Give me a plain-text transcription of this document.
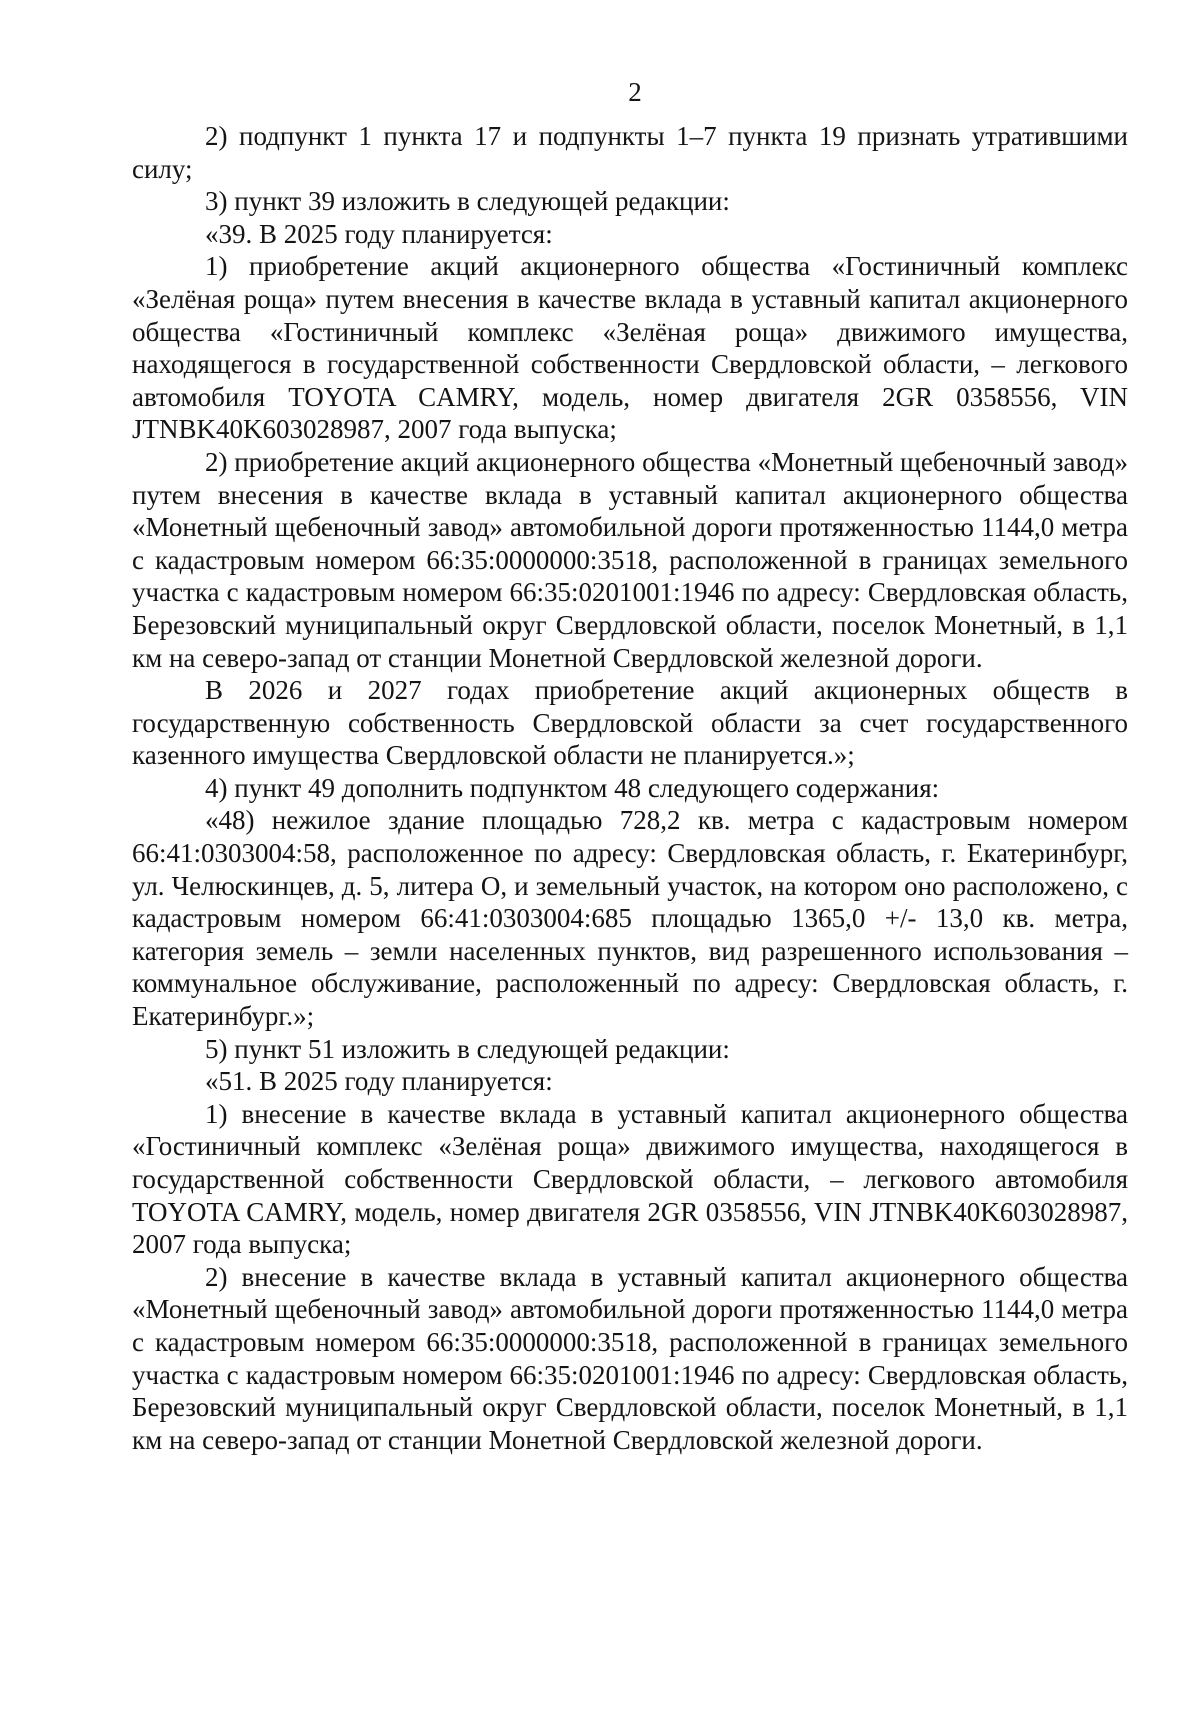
2

2) подпункт 1 пункта 17 и подпункты 1–7 пункта 19 признать утратившими силу;

3) пункт 39 изложить в следующей редакции:

«39. В 2025 году планируется:

1) приобретение акций акционерного общества «Гостиничный комплекс «Зелёная роща» путем внесения в качестве вклада в уставный капитал акционерного общества «Гостиничный комплекс «Зелёная роща» движимого имущества, находящегося в государственной собственности Свердловской области, – легкового автомобиля TOYOTA CAMRY, модель, номер двигателя 2GR 0358556, VIN JTNBK40K603028987, 2007 года выпуска;

2) приобретение акций акционерного общества «Монетный щебеночный завод» путем внесения в качестве вклада в уставный капитал акционерного общества «Монетный щебеночный завод» автомобильной дороги протяженностью 1144,0 метра с кадастровым номером 66:35:0000000:3518, расположенной в границах земельного участка с кадастровым номером 66:35:0201001:1946 по адресу: Свердловская область, Березовский муниципальный округ Свердловской области, поселок Монетный, в 1,1 км на северо-запад от станции Монетной Свердловской железной дороги.

В 2026 и 2027 годах приобретение акций акционерных обществ в государственную собственность Свердловской области за счет государственного казенного имущества Свердловской области не планируется.»;

4) пункт 49 дополнить подпунктом 48 следующего содержания:

«48) нежилое здание площадью 728,2 кв. метра с кадастровым номером 66:41:0303004:58, расположенное по адресу: Свердловская область, г. Екатеринбург, ул. Челюскинцев, д. 5, литера О, и земельный участок, на котором оно расположено, с кадастровым номером 66:41:0303004:685 площадью 1365,0 +/- 13,0 кв. метра, категория земель – земли населенных пунктов, вид разрешенного использования – коммунальное обслуживание, расположенный по адресу: Свердловская область, г. Екатеринбург.»;

5) пункт 51 изложить в следующей редакции:

«51. В 2025 году планируется:

1) внесение в качестве вклада в уставный капитал акционерного общества «Гостиничный комплекс «Зелёная роща» движимого имущества, находящегося в государственной собственности Свердловской области, – легкового автомобиля TOYOTA CAMRY, модель, номер двигателя 2GR 0358556, VIN JTNBK40K603028987, 2007 года выпуска;

2) внесение в качестве вклада в уставный капитал акционерного общества «Монетный щебеночный завод» автомобильной дороги протяженностью 1144,0 метра с кадастровым номером 66:35:0000000:3518, расположенной в границах земельного участка с кадастровым номером 66:35:0201001:1946 по адресу: Свердловская область, Березовский муниципальный округ Свердловской области, поселок Монетный, в 1,1 км на северо-запад от станции Монетной Свердловской железной дороги.
